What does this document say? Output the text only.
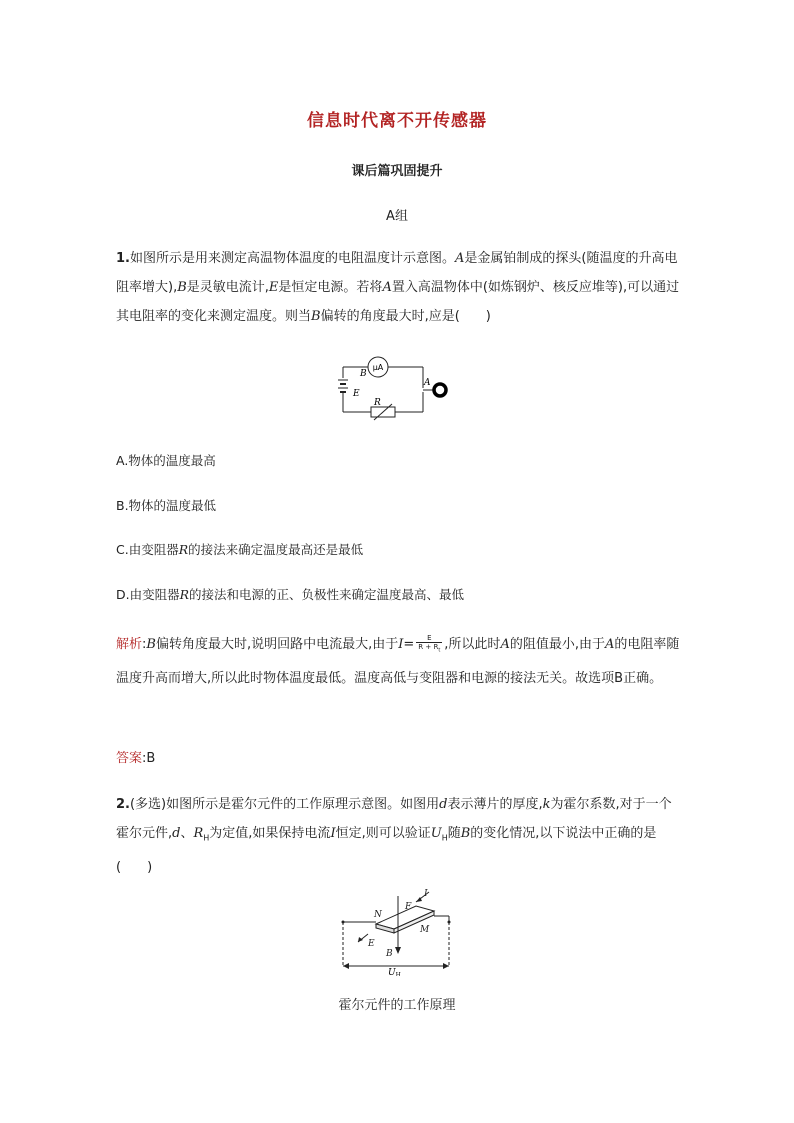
信息时代离不开传感器
课后篇巩固提升
A组
1.如图所示是用来测定高温物体温度的电阻温度计示意图。A是金属铂制成的探头(随温度的升高电阻率增大),B是灵敏电流计,E是恒定电源。若将A置入高温物体中(如炼钢炉、核反应堆等),可以通过其电阻率的变化来测定温度。则当B偏转的角度最大时,应是(　　)
μA
B
E
A
R
A.物体的温度最高
B.物体的温度最低
C.由变阻器R的接法来确定温度最高还是最低
D.由变阻器R的接法和电源的正、负极性来确定温度最高、最低
解析:B偏转角度最大时,说明回路中电流最大,由于$I= \frac{E}{R + R_t}$ ,所以此时A的阻值最小,由于A的电阻率随温度升高而增大,所以此时物体温度最低。温度高低与变阻器和电源的接法无关。故选项B正确。
答案:B
2.(多选)如图所示是霍尔元件的工作原理示意图。如图用d表示薄片的厚度,k为霍尔系数,对于一个霍尔元件,d、$R_H$为定值,如果保持电流I恒定,则可以验证$U_H$随B的变化情况,以下说法中正确的是(　　)
I
N
F
M
E
B
$U_H$
霍尔元件的工作原理
